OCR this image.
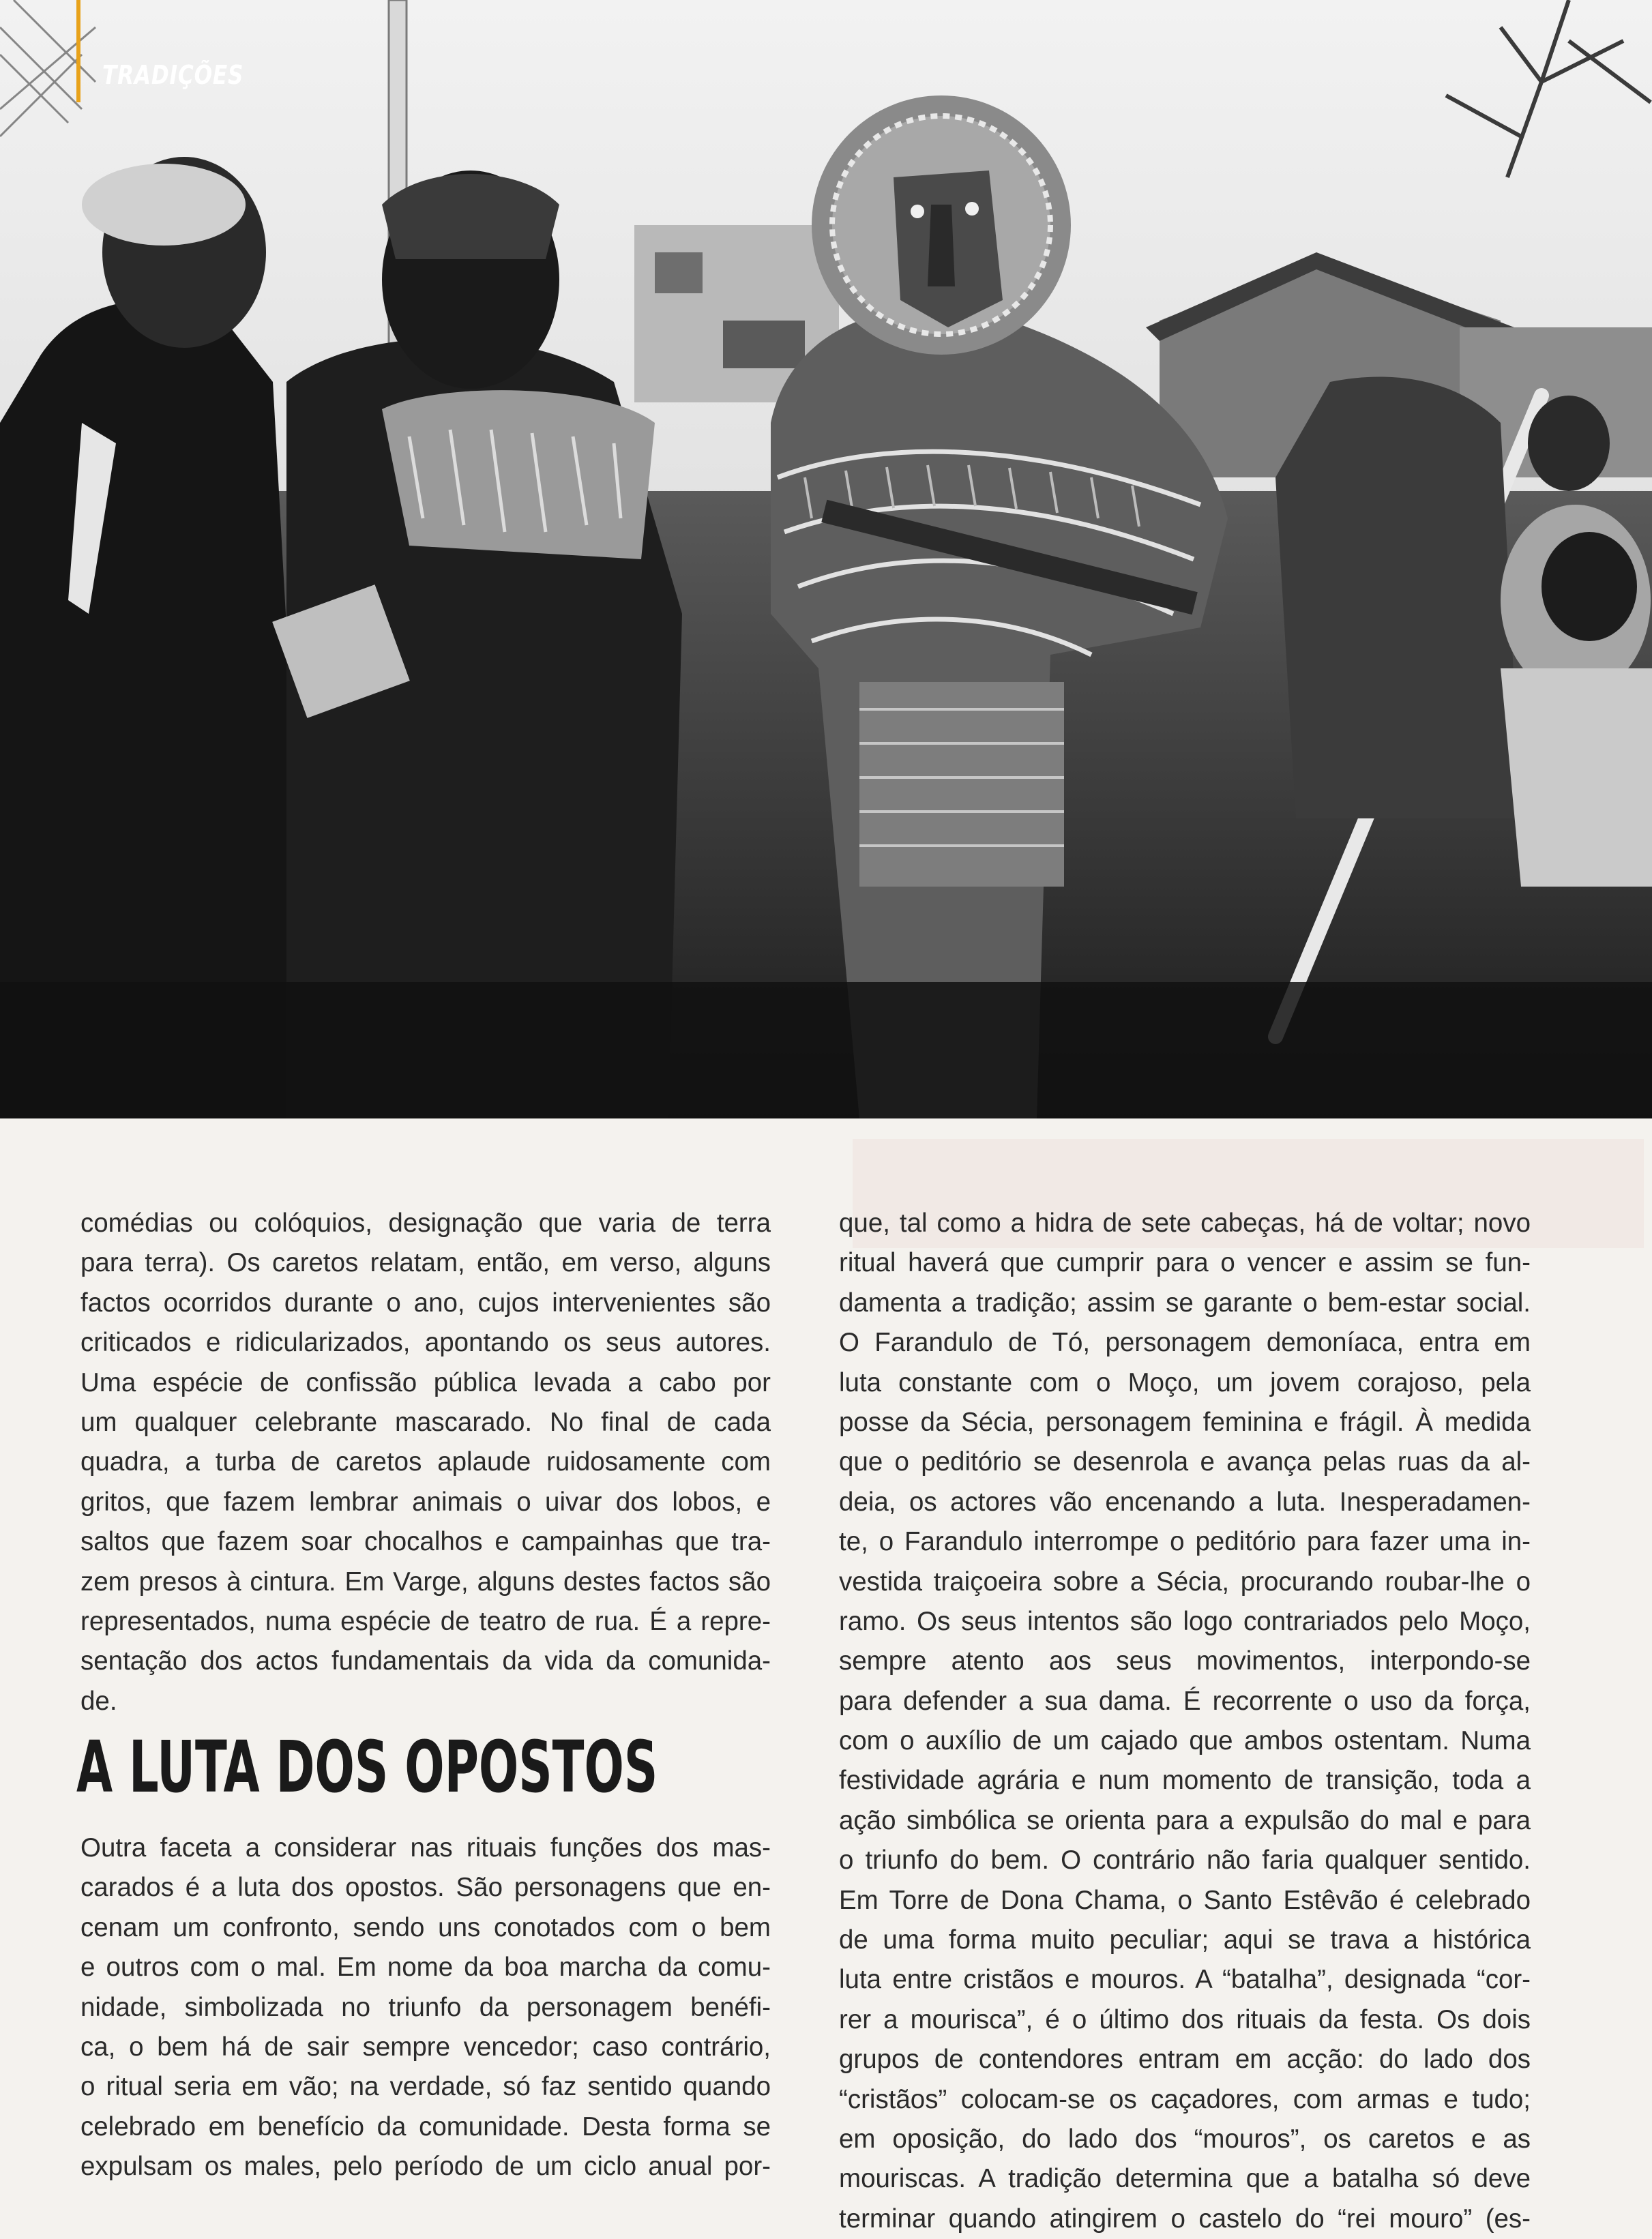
TRADIÇÕES
comédias ou colóquios, designação que varia de terra
para terra). Os caretos relatam, então, em verso, alguns
factos ocorridos durante o ano, cujos intervenientes são
criticados e ridicularizados, apontando os seus autores.
Uma espécie de confissão pública levada a cabo por
um qualquer celebrante mascarado. No final de cada
quadra, a turba de caretos aplaude ruidosamente com
gritos, que fazem lembrar animais o uivar dos lobos, e
saltos que fazem soar chocalhos e campainhas que tra-
zem presos à cintura. Em Varge, alguns destes factos são
representados, numa espécie de teatro de rua. É a repre-
sentação dos actos fundamentais da vida da comunida-
de.
A LUTA DOS OPOSTOS
Outra faceta a considerar nas rituais funções dos mas-
carados é a luta dos opostos. São personagens que en-
cenam um confronto, sendo uns conotados com o bem
e outros com o mal. Em nome da boa marcha da comu-
nidade, simbolizada no triunfo da personagem benéfi-
ca, o bem há de sair sempre vencedor; caso contrário,
o ritual seria em vão; na verdade, só faz sentido quando
celebrado em benefício da comunidade. Desta forma se
expulsam os males, pelo período de um ciclo anual por-
que, tal como a hidra de sete cabeças, há de voltar; novo
ritual haverá que cumprir para o vencer e assim se fun-
damenta a tradição; assim se garante o bem-estar social.
O Farandulo de Tó, personagem demoníaca, entra em
luta constante com o Moço, um jovem corajoso, pela
posse da Sécia, personagem feminina e frágil. À medida
que o peditório se desenrola e avança pelas ruas da al-
deia, os actores vão encenando a luta. Inesperadamen-
te, o Farandulo interrompe o peditório para fazer uma in-
vestida traiçoeira sobre a Sécia, procurando roubar-lhe o
ramo. Os seus intentos são logo contrariados pelo Moço,
sempre atento aos seus movimentos, interpondo-se
para defender a sua dama. É recorrente o uso da força,
com o auxílio de um cajado que ambos ostentam. Numa
festividade agrária e num momento de transição, toda a
ação simbólica se orienta para a expulsão do mal e para
o triunfo do bem. O contrário não faria qualquer sentido.
Em Torre de Dona Chama, o Santo Estêvão é celebrado
de uma forma muito peculiar; aqui se trava a histórica
luta entre cristãos e mouros. A “batalha”, designada “cor-
rer a mourisca”, é o último dos rituais da festa. Os dois
grupos de contendores entram em acção: do lado dos
“cristãos” colocam-se os caçadores, com armas e tudo;
em oposição, do lado dos “mouros”, os caretos e as
mouriscas. A tradição determina que a batalha só deve
terminar quando atingirem o castelo do “rei mouro” (es-
